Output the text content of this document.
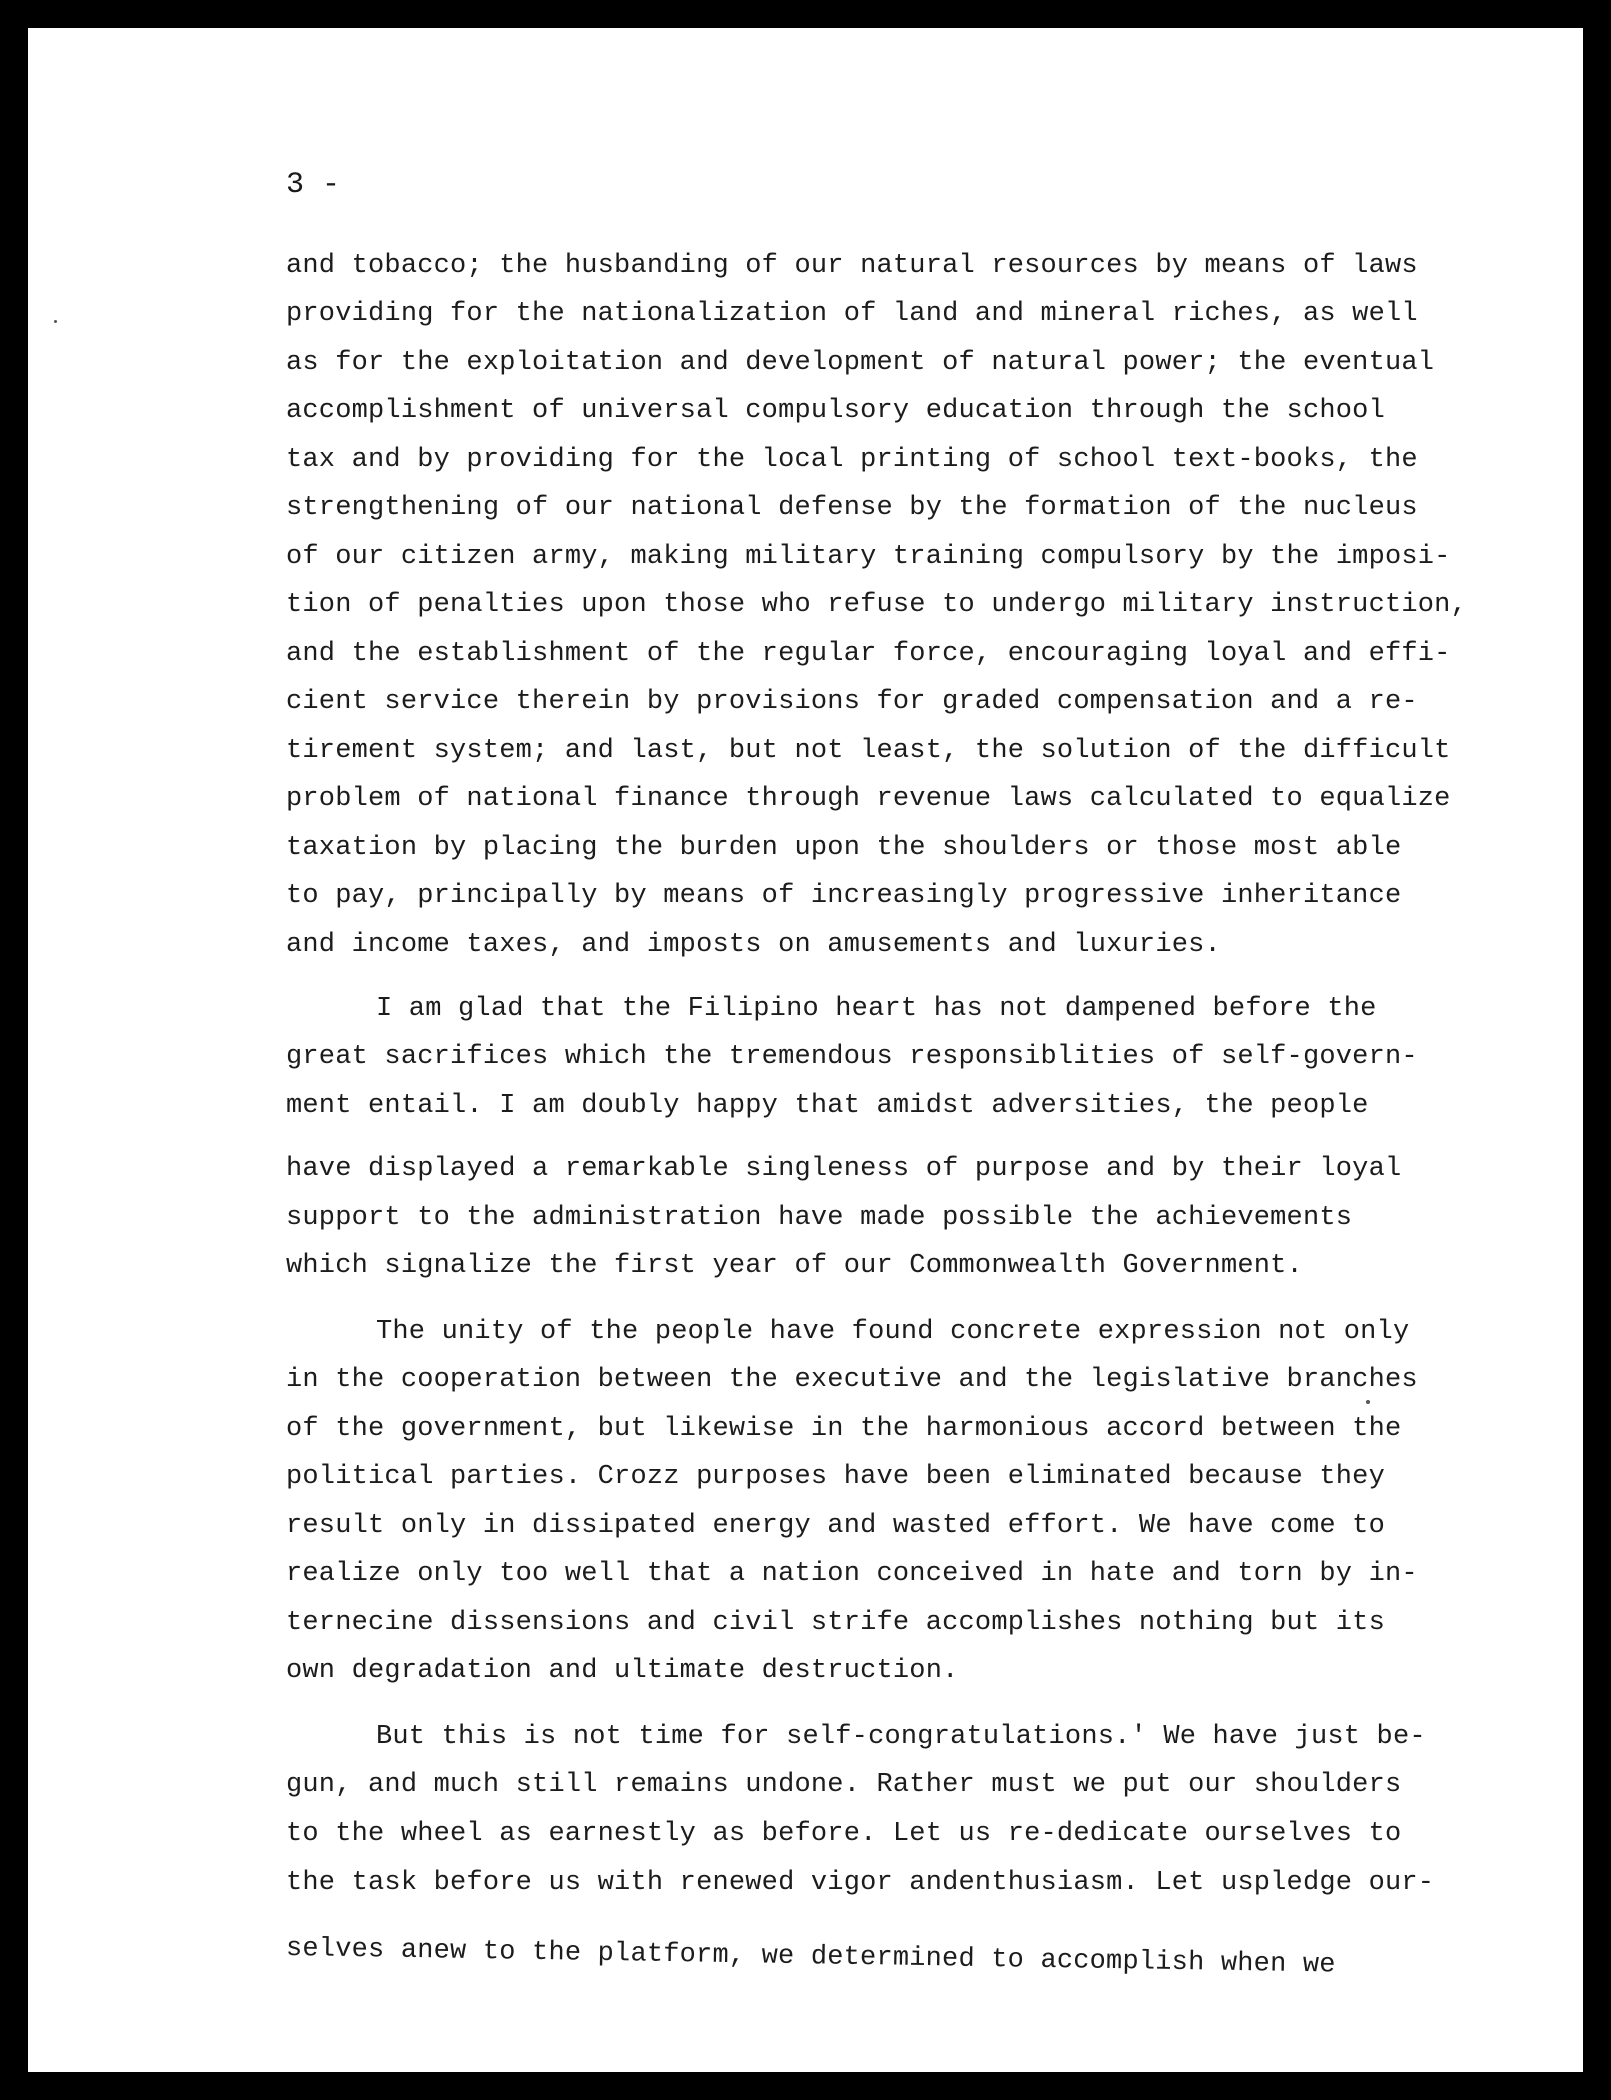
3 -

and tobacco; the husbanding of our natural resources by means of laws

providing for the nationalization of land and mineral riches, as well

as for the exploitation and development of natural power; the eventual

accomplishment of universal compulsory education through the school

tax and by providing for the local printing of school text-books, the

strengthening of our national defense by the formation of the nucleus

of our citizen army, making military training compulsory by the imposi-

tion of penalties upon those who refuse to undergo military instruction,

and the establishment of the regular force, encouraging loyal and effi-

cient service therein by provisions for graded compensation and a re-

tirement system; and last, but not least, the solution of the difficult

problem of national finance through revenue laws calculated to equalize

taxation by placing the burden upon the shoulders or those most able

to pay, principally by means of increasingly progressive inheritance

and income taxes, and imposts on amusements and luxuries.

I am glad that the Filipino heart has not dampened before the

great sacrifices which the tremendous responsiblities of self-govern-

ment entail. I am doubly happy that amidst adversities, the people

have displayed a remarkable singleness of purpose and by their loyal

support to the administration have made possible the achievements

which signalize the first year of our Commonwealth Government.

The unity of the people have found concrete expression not only

in the cooperation between the executive and the legislative branches

of the government, but likewise in the harmonious accord between the

political parties. Crozz purposes have been eliminated because they

result only in dissipated energy and wasted effort. We have come to

realize only too well that a nation conceived in hate and torn by in-

ternecine dissensions and civil strife accomplishes nothing but its

own degradation and ultimate destruction.

But this is not time for self-congratulations.' We have just be-

gun, and much still remains undone. Rather must we put our shoulders

to the wheel as earnestly as before. Let us re-dedicate ourselves to

the task before us with renewed vigor andenthusiasm. Let uspledge our-

selves anew to the platform, we determined to accomplish when we
